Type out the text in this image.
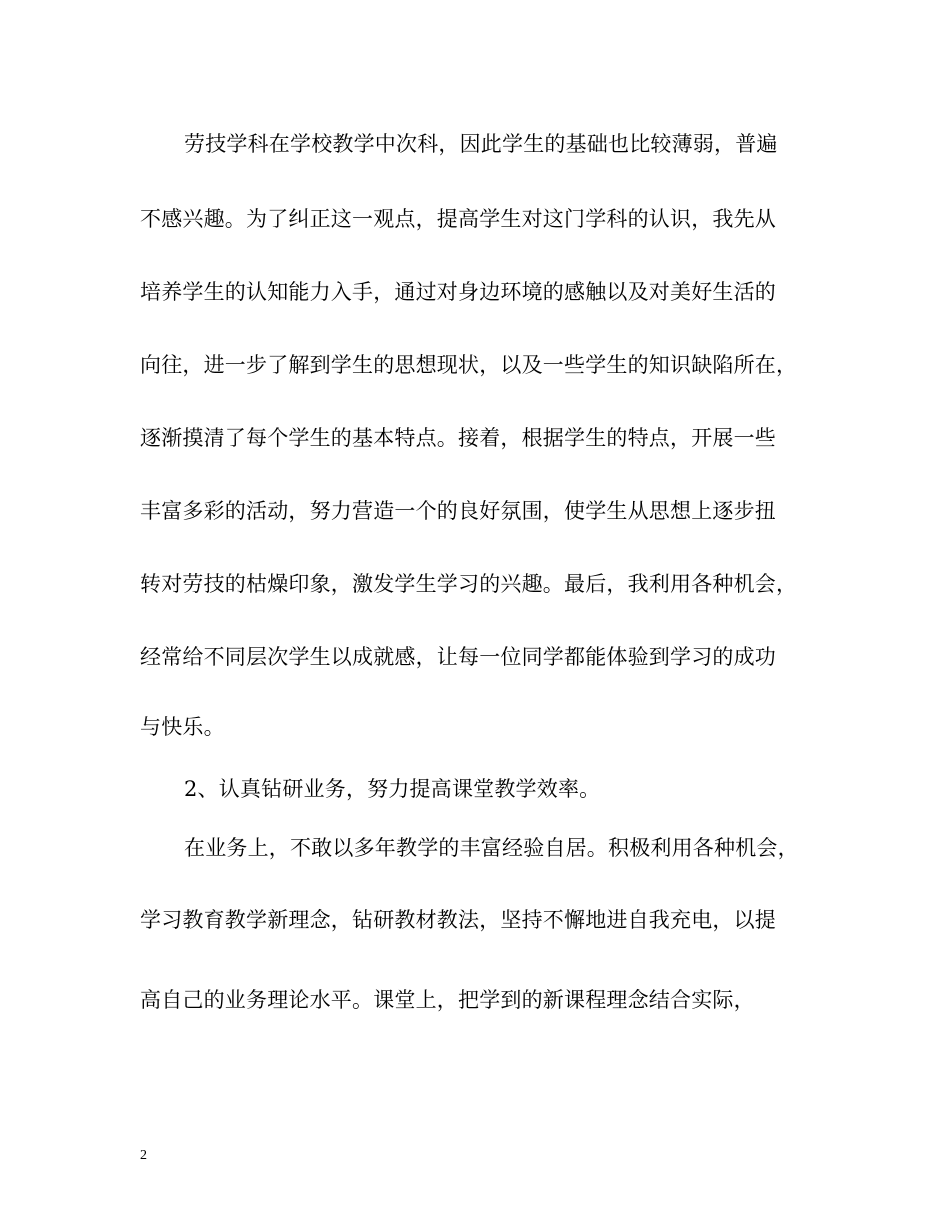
劳技学科在学校教学中次科，因此学生的基础也比较薄弱，普遍
不感兴趣。为了纠正这一观点，提高学生对这门学科的认识，我先从
培养学生的认知能力入手，通过对身边环境的感触以及对美好生活的
向往，进一步了解到学生的思想现状，以及一些学生的知识缺陷所在，
逐渐摸清了每个学生的基本特点。接着，根据学生的特点，开展一些
丰富多彩的活动，努力营造一个的良好氛围，使学生从思想上逐步扭
转对劳技的枯燥印象，激发学生学习的兴趣。最后，我利用各种机会，
经常给不同层次学生以成就感，让每一位同学都能体验到学习的成功
与快乐。
2、认真钻研业务，努力提高课堂教学效率。
在业务上，不敢以多年教学的丰富经验自居。积极利用各种机会，
学习教育教学新理念，钻研教材教法，坚持不懈地进自我充电，以提
高自己的业务理论水平。课堂上，把学到的新课程理念结合实际，
2
